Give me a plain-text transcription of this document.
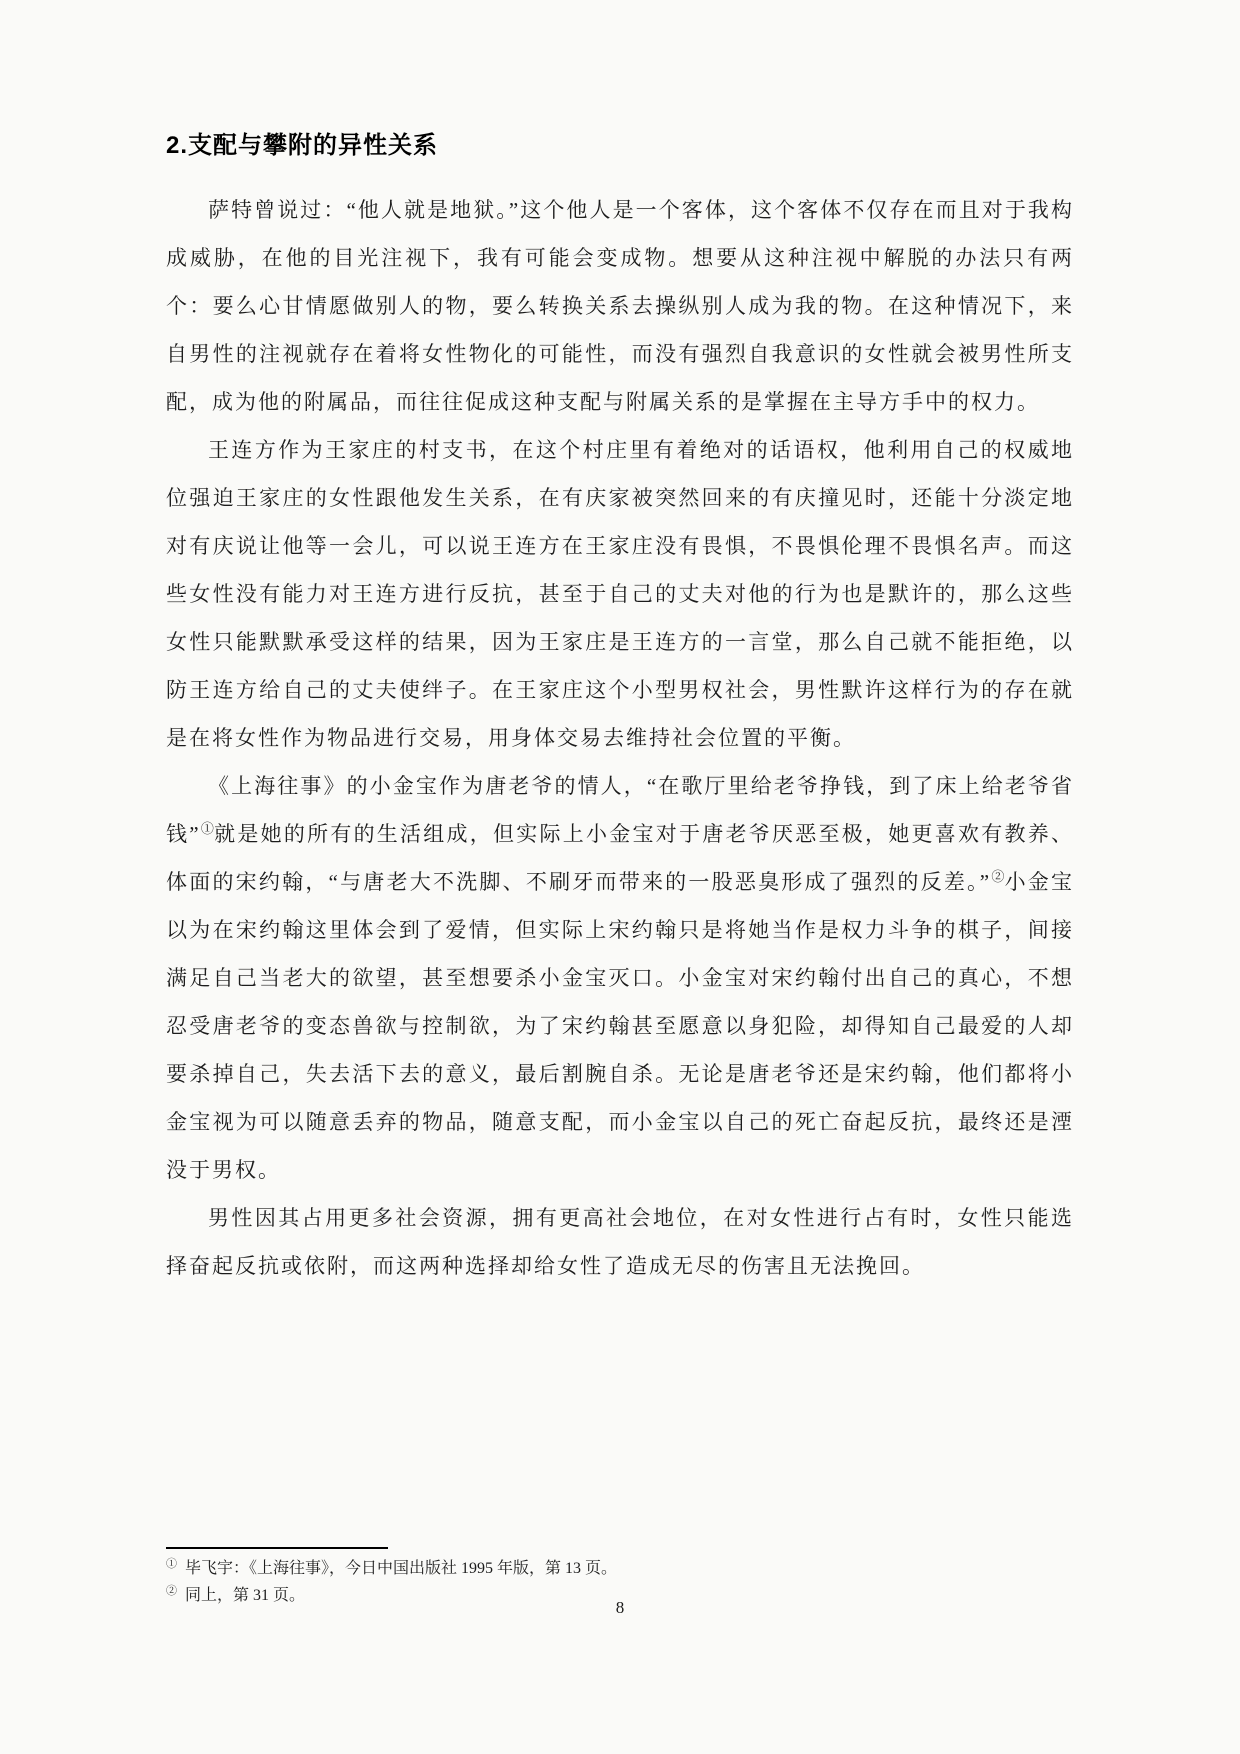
2.支配与攀附的异性关系

萨特曾说过：“他人就是地狱。”这个他人是一个客体，这个客体不仅存在而且对于我构成威胁，在他的目光注视下，我有可能会变成物。想要从这种注视中解脱的办法只有两个：要么心甘情愿做别人的物，要么转换关系去操纵别人成为我的物。在这种情况下，来自男性的注视就存在着将女性物化的可能性，而没有强烈自我意识的女性就会被男性所支配，成为他的附属品，而往往促成这种支配与附属关系的是掌握在主导方手中的权力。

王连方作为王家庄的村支书，在这个村庄里有着绝对的话语权，他利用自己的权威地位强迫王家庄的女性跟他发生关系，在有庆家被突然回来的有庆撞见时，还能十分淡定地对有庆说让他等一会儿，可以说王连方在王家庄没有畏惧，不畏惧伦理不畏惧名声。而这些女性没有能力对王连方进行反抗，甚至于自己的丈夫对他的行为也是默许的，那么这些女性只能默默承受这样的结果，因为王家庄是王连方的一言堂，那么自己就不能拒绝，以防王连方给自己的丈夫使绊子。在王家庄这个小型男权社会，男性默许这样行为的存在就是在将女性作为物品进行交易，用身体交易去维持社会位置的平衡。

《上海往事》的小金宝作为唐老爷的情人，“在歌厅里给老爷挣钱，到了床上给老爷省钱”①就是她的所有的生活组成，但实际上小金宝对于唐老爷厌恶至极，她更喜欢有教养、体面的宋约翰，“与唐老大不洗脚、不刷牙而带来的一股恶臭形成了强烈的反差。”②小金宝以为在宋约翰这里体会到了爱情，但实际上宋约翰只是将她当作是权力斗争的棋子，间接满足自己当老大的欲望，甚至想要杀小金宝灭口。小金宝对宋约翰付出自己的真心，不想忍受唐老爷的变态兽欲与控制欲，为了宋约翰甚至愿意以身犯险，却得知自己最爱的人却要杀掉自己，失去活下去的意义，最后割腕自杀。无论是唐老爷还是宋约翰，他们都将小金宝视为可以随意丢弃的物品，随意支配，而小金宝以自己的死亡奋起反抗，最终还是湮没于男权。

男性因其占用更多社会资源，拥有更高社会地位，在对女性进行占有时，女性只能选择奋起反抗或依附，而这两种选择却给女性了造成无尽的伤害且无法挽回。

① 毕飞宇：《上海往事》，今日中国出版社 1995 年版，第 13 页。
② 同上，第 31 页。
8
